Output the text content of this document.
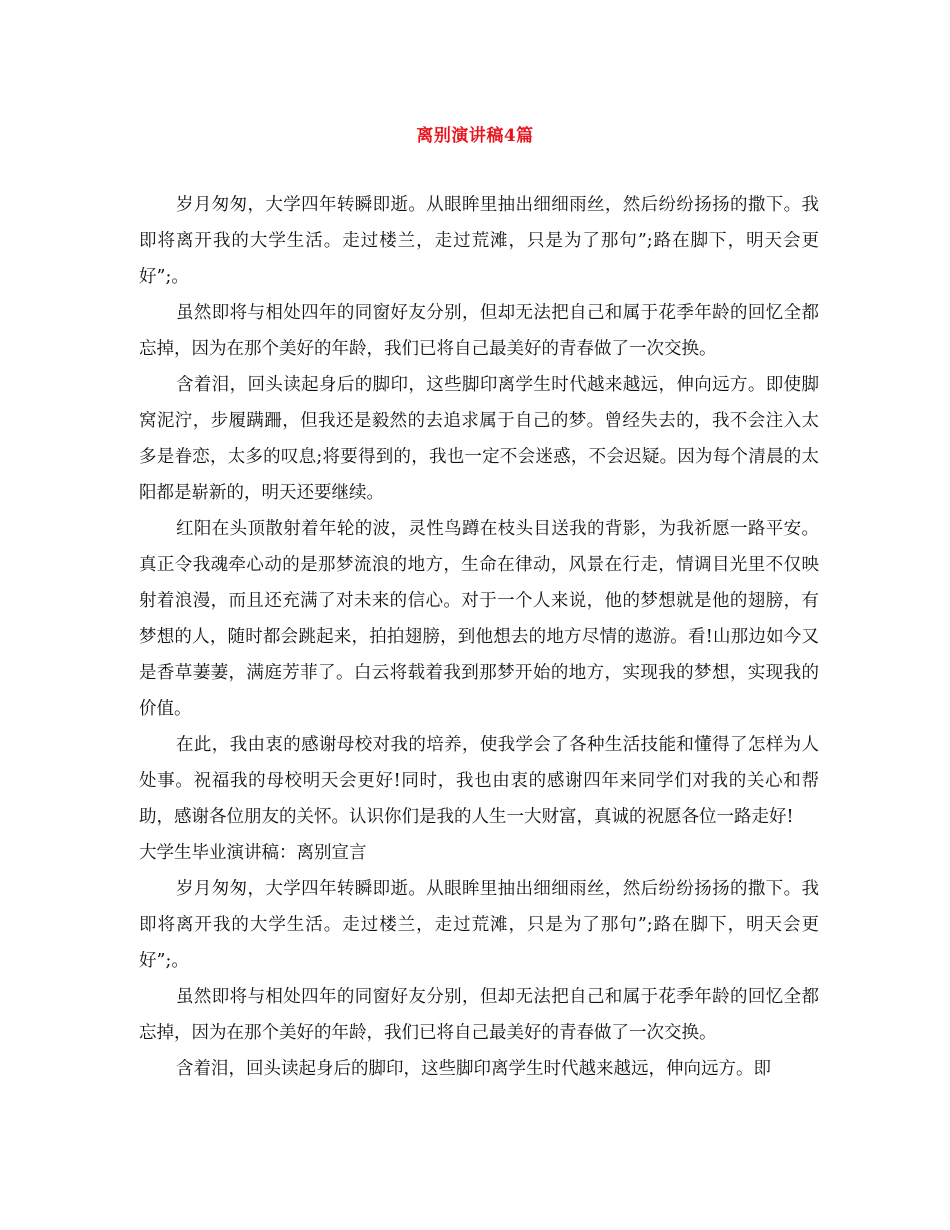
离别演讲稿4篇

岁月匆匆，大学四年转瞬即逝。从眼眸里抽出细细雨丝，然后纷纷扬扬的撒下。我即将离开我的大学生活。走过楼兰，走过荒滩，只是为了那句”;路在脚下，明天会更好”;。

虽然即将与相处四年的同窗好友分别，但却无法把自己和属于花季年龄的回忆全都忘掉，因为在那个美好的年龄，我们已将自己最美好的青春做了一次交换。

含着泪，回头读起身后的脚印，这些脚印离学生时代越来越远，伸向远方。即使脚窝泥泞，步履蹒跚，但我还是毅然的去追求属于自己的梦。曾经失去的，我不会注入太多是眷恋，太多的叹息;将要得到的，我也一定不会迷惑，不会迟疑。因为每个清晨的太阳都是崭新的，明天还要继续。

红阳在头顶散射着年轮的波，灵性鸟蹲在枝头目送我的背影，为我祈愿一路平安。真正令我魂牵心动的是那梦流浪的地方，生命在律动，风景在行走，情调目光里不仅映射着浪漫，而且还充满了对未来的信心。对于一个人来说，他的梦想就是他的翅膀，有梦想的人，随时都会跳起来，拍拍翅膀，到他想去的地方尽情的遨游。看!山那边如今又是香草萋萋，满庭芳菲了。白云将载着我到那梦开始的地方，实现我的梦想，实现我的价值。

在此，我由衷的感谢母校对我的培养，使我学会了各种生活技能和懂得了怎样为人处事。祝福我的母校明天会更好!同时，我也由衷的感谢四年来同学们对我的关心和帮助，感谢各位朋友的关怀。认识你们是我的人生一大财富，真诚的祝愿各位一路走好!

大学生毕业演讲稿：离别宣言

岁月匆匆，大学四年转瞬即逝。从眼眸里抽出细细雨丝，然后纷纷扬扬的撒下。我即将离开我的大学生活。走过楼兰，走过荒滩，只是为了那句”;路在脚下，明天会更好”;。

虽然即将与相处四年的同窗好友分别，但却无法把自己和属于花季年龄的回忆全都忘掉，因为在那个美好的年龄，我们已将自己最美好的青春做了一次交换。

含着泪，回头读起身后的脚印，这些脚印离学生时代越来越远，伸向远方。即
